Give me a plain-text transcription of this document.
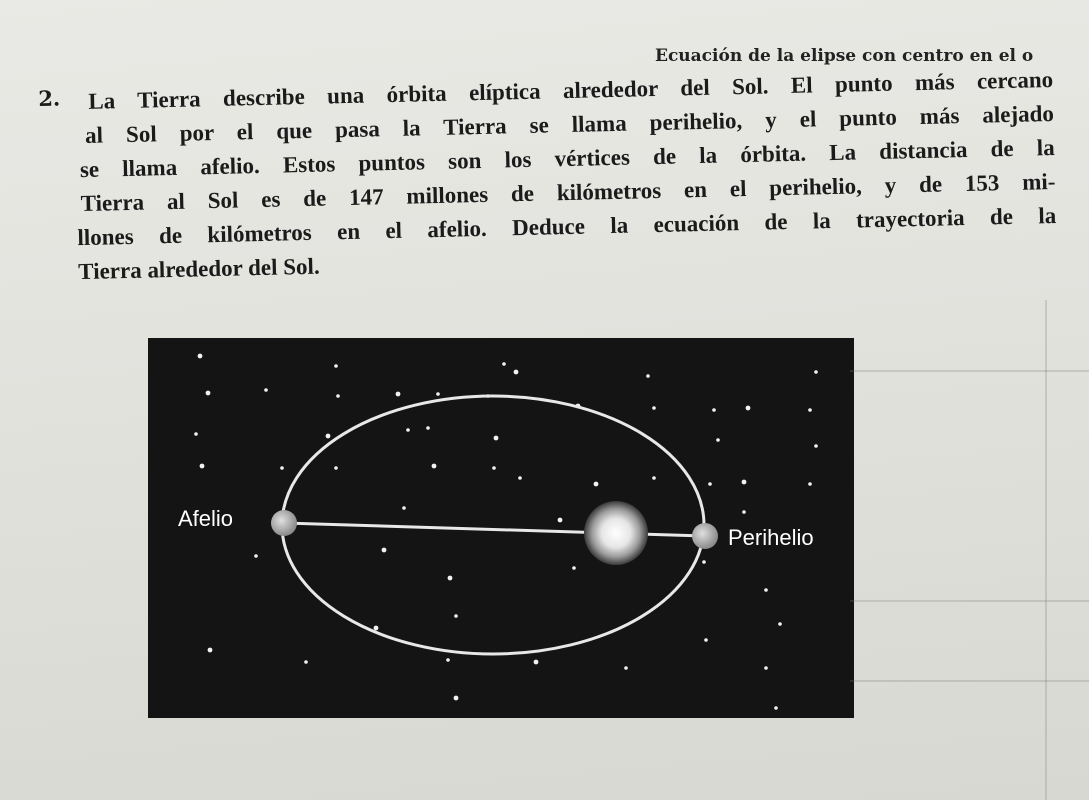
Ecuación de la elipse con centro en el o
2. La Tierra describe una órbita elíptica alrededor del Sol. El punto más cercano
al Sol por el que pasa la Tierra se llama perihelio, y el punto más alejado
se llama afelio. Estos puntos son los vértices de la órbita. La distancia de la
Tierra al Sol es de 147 millones de kilómetros en el perihelio, y de 153 mi-
llones de kilómetros en el afelio. Deduce la ecuación de la trayectoria de la
Tierra alrededor del Sol.
Afelio
Perihelio
